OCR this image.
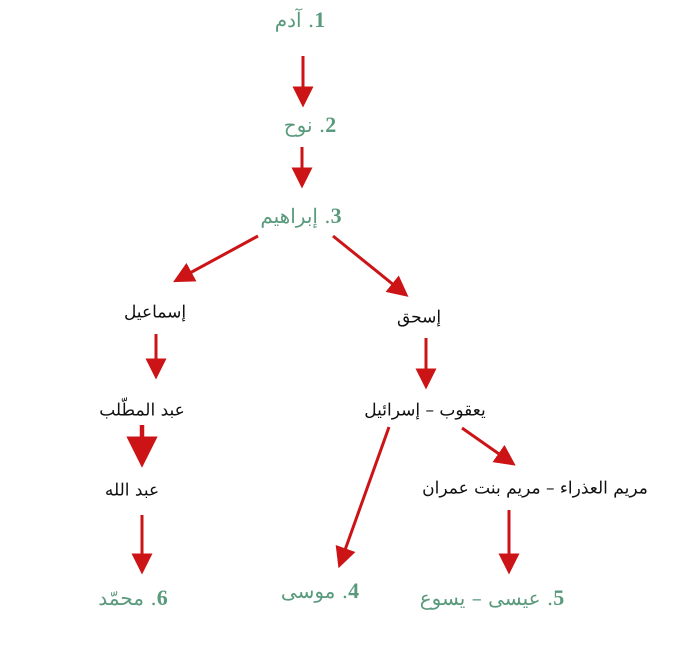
1. آدم
2. نوح
3. إبراهيم
إسماعيل	إسحق
عبد المطّلب	يعقوب – إسرائيل
عبد الله	مريم العذراء – مريم بنت عمران
6. محمّد	4. موسى	5. عيسى – يسوع
